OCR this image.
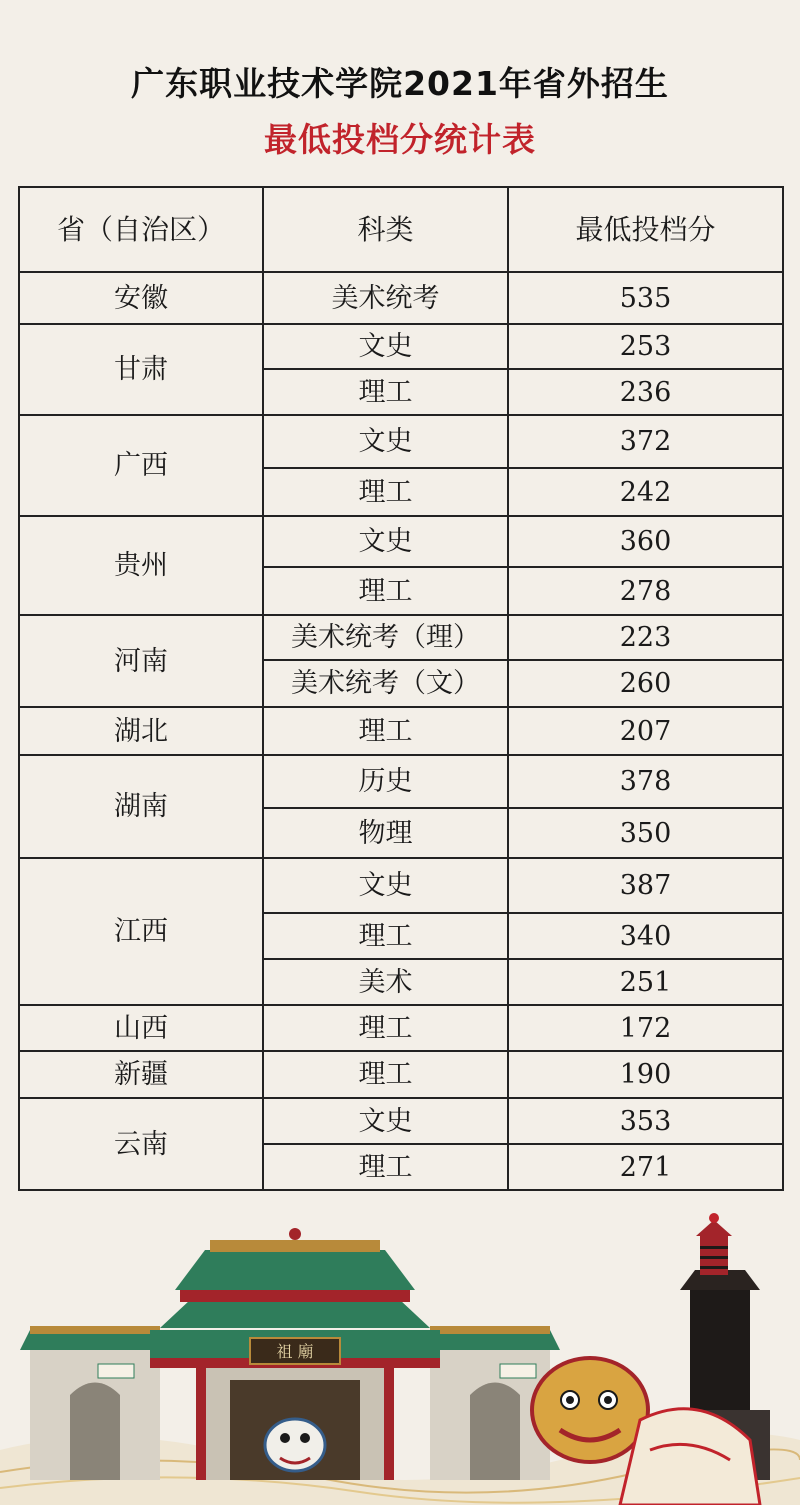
广东职业技术学院2021年省外招生
最低投档分统计表
省（自治区）	科类	最低投档分
安徽	美术统考	535
甘肃	文史	253
	理工	236
广西	文史	372
	理工	242
贵州	文史	360
	理工	278
河南	美术统考（理）	223
	美术统考（文）	260
湖北	理工	207
湖南	历史	378
	物理	350
江西	文史	387
	理工	340
	美术	251
山西	理工	172
新疆	理工	190
云南	文史	353
	理工	271
祖 廟
